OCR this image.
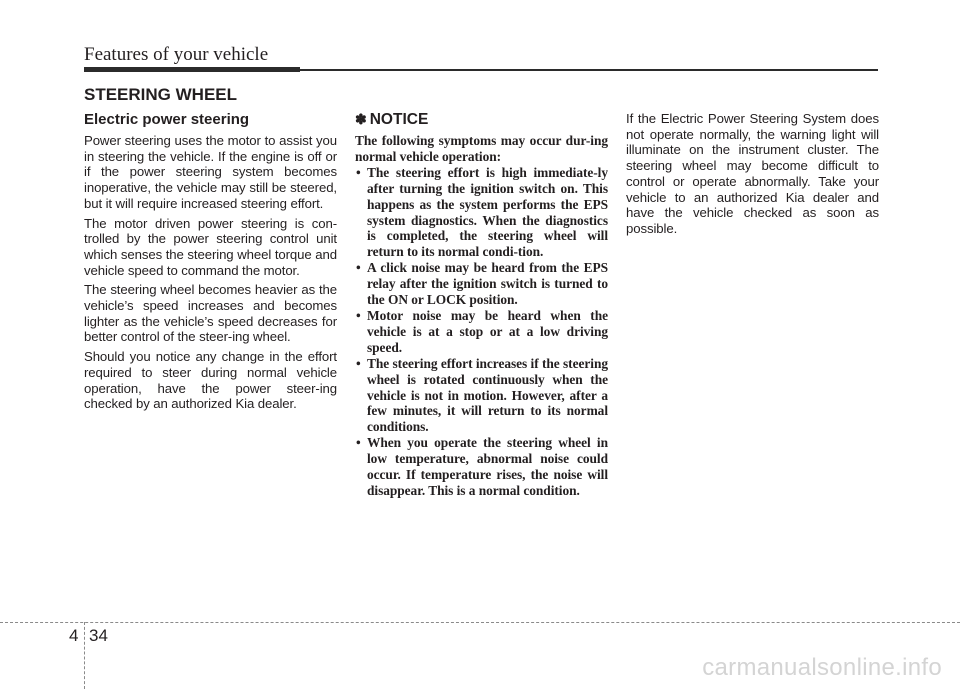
Features of your vehicle
STEERING WHEEL
Electric power steering

Power steering uses the motor to assist you in steering the vehicle. If the engine is off or if the power steering system becomes inoperative, the vehicle may still be steered, but it will require increased steering effort.

The motor driven power steering is con-trolled by the power steering control unit which senses the steering wheel torque and vehicle speed to command the motor.

The steering wheel becomes heavier as the vehicle’s speed increases and becomes lighter as the vehicle’s speed decreases for better control of the steer-ing wheel.

Should you notice any change in the effort required to steer during normal vehicle operation, have the power steer-ing checked by an authorized Kia dealer.

✽ NOTICE

The following symptoms may occur dur-ing normal vehicle operation:

• The steering effort is high immediate-ly after turning the ignition switch on. This happens as the system performs the EPS system diagnostics. When the diagnostics is completed, the steering wheel will return to its normal condi-tion.
• A click noise may be heard from the EPS relay after the ignition switch is turned to the ON or LOCK position.
• Motor noise may be heard when the vehicle is at a stop or at a low driving speed.
• The steering effort increases if the steering wheel is rotated continuously when the vehicle is not in motion. However, after a few minutes, it will return to its normal conditions.
• When you operate the steering wheel in low temperature, abnormal noise could occur. If temperature rises, the noise will disappear. This is a normal condition.

If the Electric Power Steering System does not operate normally, the warning light will illuminate on the instrument cluster. The steering wheel may become difficult to control or operate abnormally. Take your vehicle to an authorized Kia dealer and have the vehicle checked as soon as possible.

4 34
carmanualsonline.info
